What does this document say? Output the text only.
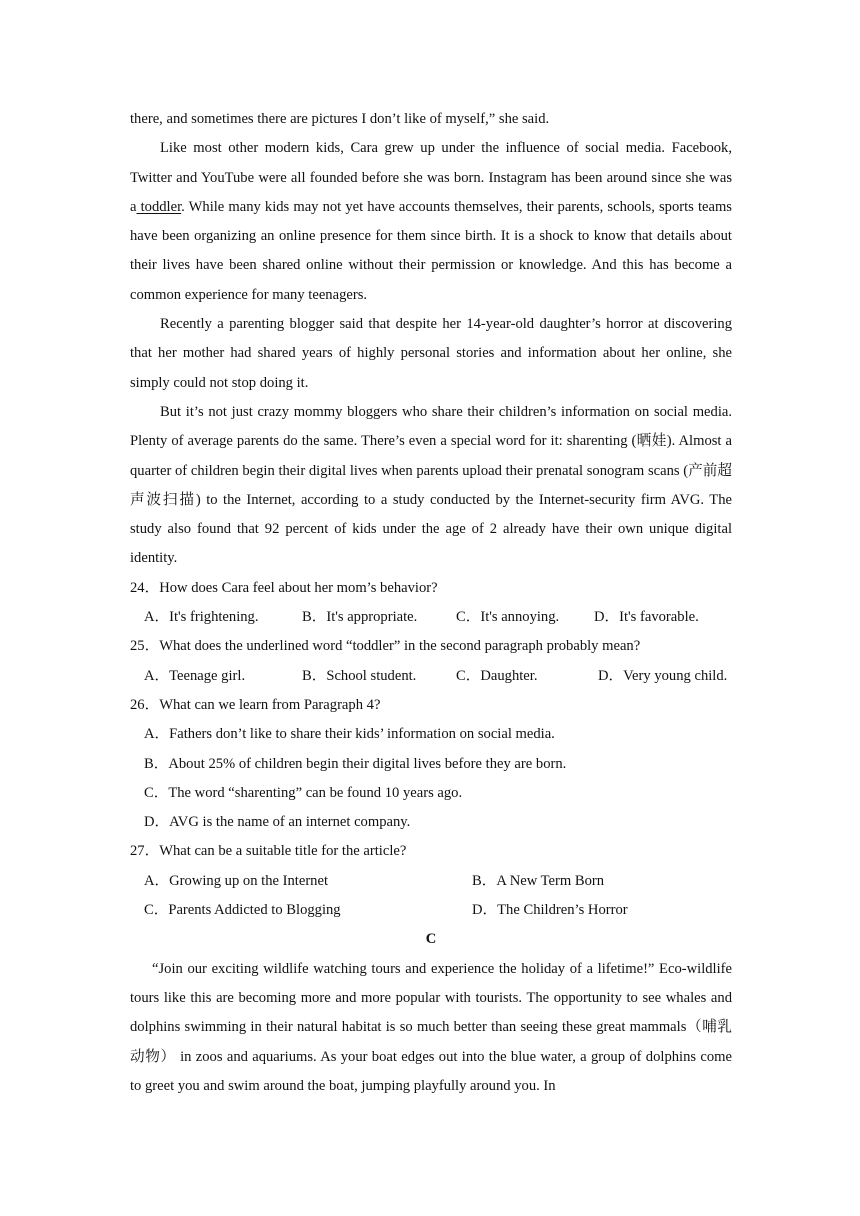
there, and sometimes there are pictures I don’t like of myself,” she said.

Like most other modern kids, Cara grew up under the influence of social media. Facebook, Twitter and YouTube were all founded before she was born. Instagram has been around since she was a toddler. While many kids may not yet have accounts themselves, their parents, schools, sports teams have been organizing an online presence for them since birth. It is a shock to know that details about their lives have been shared online without their permission or knowledge. And this has become a common experience for many teenagers.

Recently a parenting blogger said that despite her 14-year-old daughter’s horror at discovering that her mother had shared years of highly personal stories and information about her online, she simply could not stop doing it.

But it’s not just crazy mommy bloggers who share their children’s information on social media. Plenty of average parents do the same. There’s even a special word for it: sharenting (晒娃). Almost a quarter of children begin their digital lives when parents upload their prenatal sonogram scans (产前超声波扫描) to the Internet, according to a study conducted by the Internet-security firm AVG. The study also found that 92 percent of kids under the age of 2 already have their own unique digital identity.

24．How does Cara feel about her mom’s behavior?

A．It's frightening.	B．It's appropriate.	C．It's annoying.	D．It's favorable.

25．What does the underlined word “toddler” in the second paragraph probably mean?

A．Teenage girl.	B．School student.	C．Daughter.	D．Very young child.

26．What can we learn from Paragraph 4?

A．Fathers don’t like to share their kids’ information on social media.

B．About 25% of children begin their digital lives before they are born.

C．The word “sharenting” can be found 10 years ago.

D．AVG is the name of an internet company.

27．What can be a suitable title for the article?

A．Growing up on the Internet	B．A New Term Born
C．Parents Addicted to Blogging	D．The Children’s Horror

C

“Join our exciting wildlife watching tours and experience the holiday of a lifetime!” Eco-wildlife tours like this are becoming more and more popular with tourists. The opportunity to see whales and dolphins swimming in their natural habitat is so much better than seeing these great mammals（哺乳动物） in zoos and aquariums. As your boat edges out into the blue water, a group of dolphins come to greet you and swim around the boat, jumping playfully around you. In
